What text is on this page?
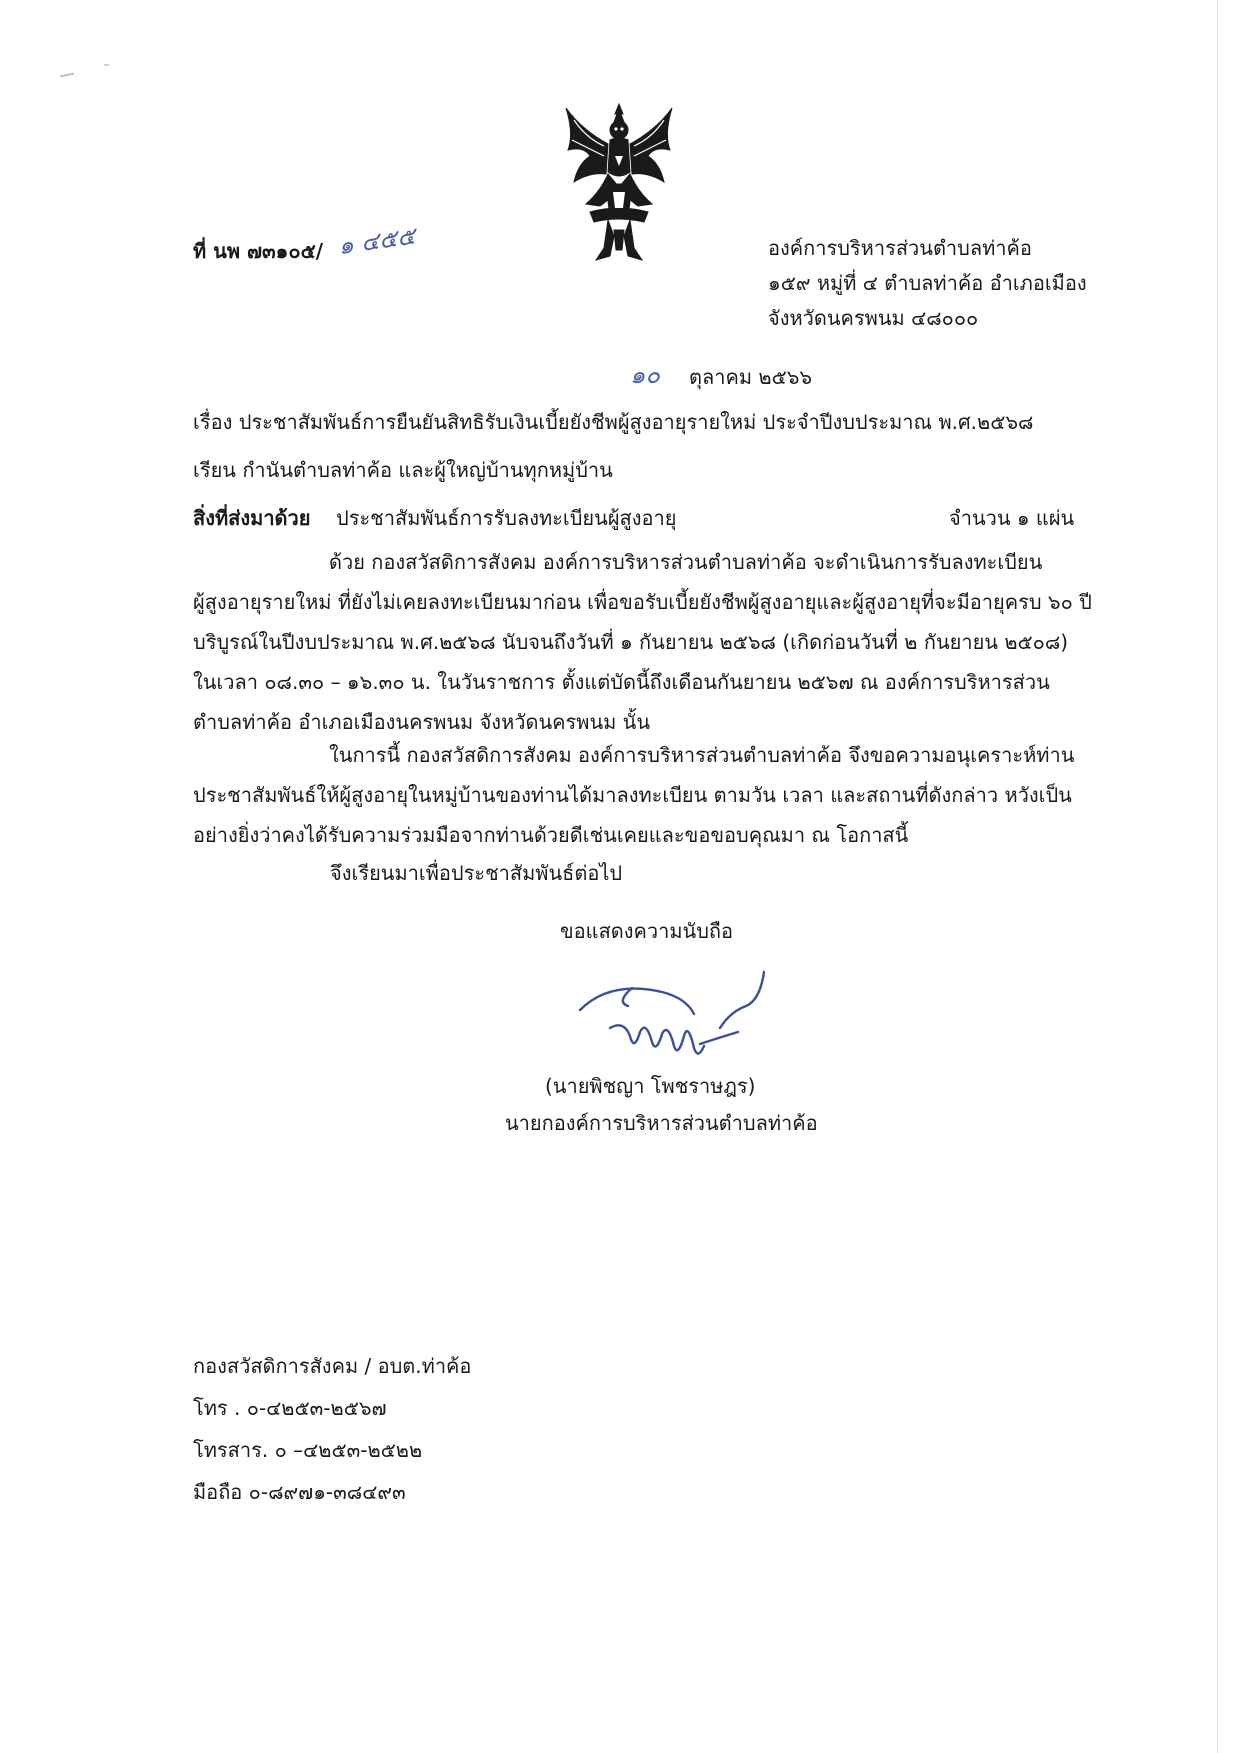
ที่ นพ ๗๓๑๐๕/ ๑ ๔๕๕	องค์การบริหารส่วนตำบลท่าค้อ
๑๕๙ หมู่ที่ ๔ ตำบลท่าค้อ อำเภอเมือง
จังหวัดนครพนม ๔๘๐๐๐
๑๐ ตุลาคม ๒๕๖๖
เรื่อง ประชาสัมพันธ์การยืนยันสิทธิรับเงินเบี้ยยังชีพผู้สูงอายุรายใหม่ ประจำปีงบประมาณ พ.ศ.๒๕๖๘
เรียน กำนันตำบลท่าค้อ และผู้ใหญ่บ้านทุกหมู่บ้าน
สิ่งที่ส่งมาด้วย ประชาสัมพันธ์การรับลงทะเบียนผู้สูงอายุ	จำนวน ๑ แผ่น
ด้วย กองสวัสดิการสังคม องค์การบริหารส่วนตำบลท่าค้อ จะดำเนินการรับลงทะเบียน
ผู้สูงอายุรายใหม่ ที่ยังไม่เคยลงทะเบียนมาก่อน เพื่อขอรับเบี้ยยังชีพผู้สูงอายุและผู้สูงอายุที่จะมีอายุครบ ๖๐ ปี
บริบูรณ์ในปีงบประมาณ พ.ศ.๒๕๖๘ นับจนถึงวันที่ ๑ กันยายน ๒๕๖๘ (เกิดก่อนวันที่ ๒ กันยายน ๒๕๐๘)
ในเวลา ๐๘.๓๐ – ๑๖.๓๐ น. ในวันราชการ ตั้งแต่บัดนี้ถึงเดือนกันยายน ๒๕๖๗ ณ องค์การบริหารส่วน
ตำบลท่าค้อ อำเภอเมืองนครพนม จังหวัดนครพนม นั้น
ในการนี้ กองสวัสดิการสังคม องค์การบริหารส่วนตำบลท่าค้อ จึงขอความอนุเคราะห์ท่าน
ประชาสัมพันธ์ให้ผู้สูงอายุในหมู่บ้านของท่านได้มาลงทะเบียน ตามวัน เวลา และสถานที่ดังกล่าว หวังเป็น
อย่างยิ่งว่าคงได้รับความร่วมมือจากท่านด้วยดีเช่นเคยและขอขอบคุณมา ณ โอกาสนี้
จึงเรียนมาเพื่อประชาสัมพันธ์ต่อไป
ขอแสดงความนับถือ
(นายพิชญา โพชราษฎร)
นายกองค์การบริหารส่วนตำบลท่าค้อ
กองสวัสดิการสังคม / อบต.ท่าค้อ
โทร . ๐-๔๒๕๓-๒๕๖๗
โทรสาร. ๐ –๔๒๕๓-๒๕๒๒
มือถือ ๐-๘๙๗๑-๓๘๔๙๓
